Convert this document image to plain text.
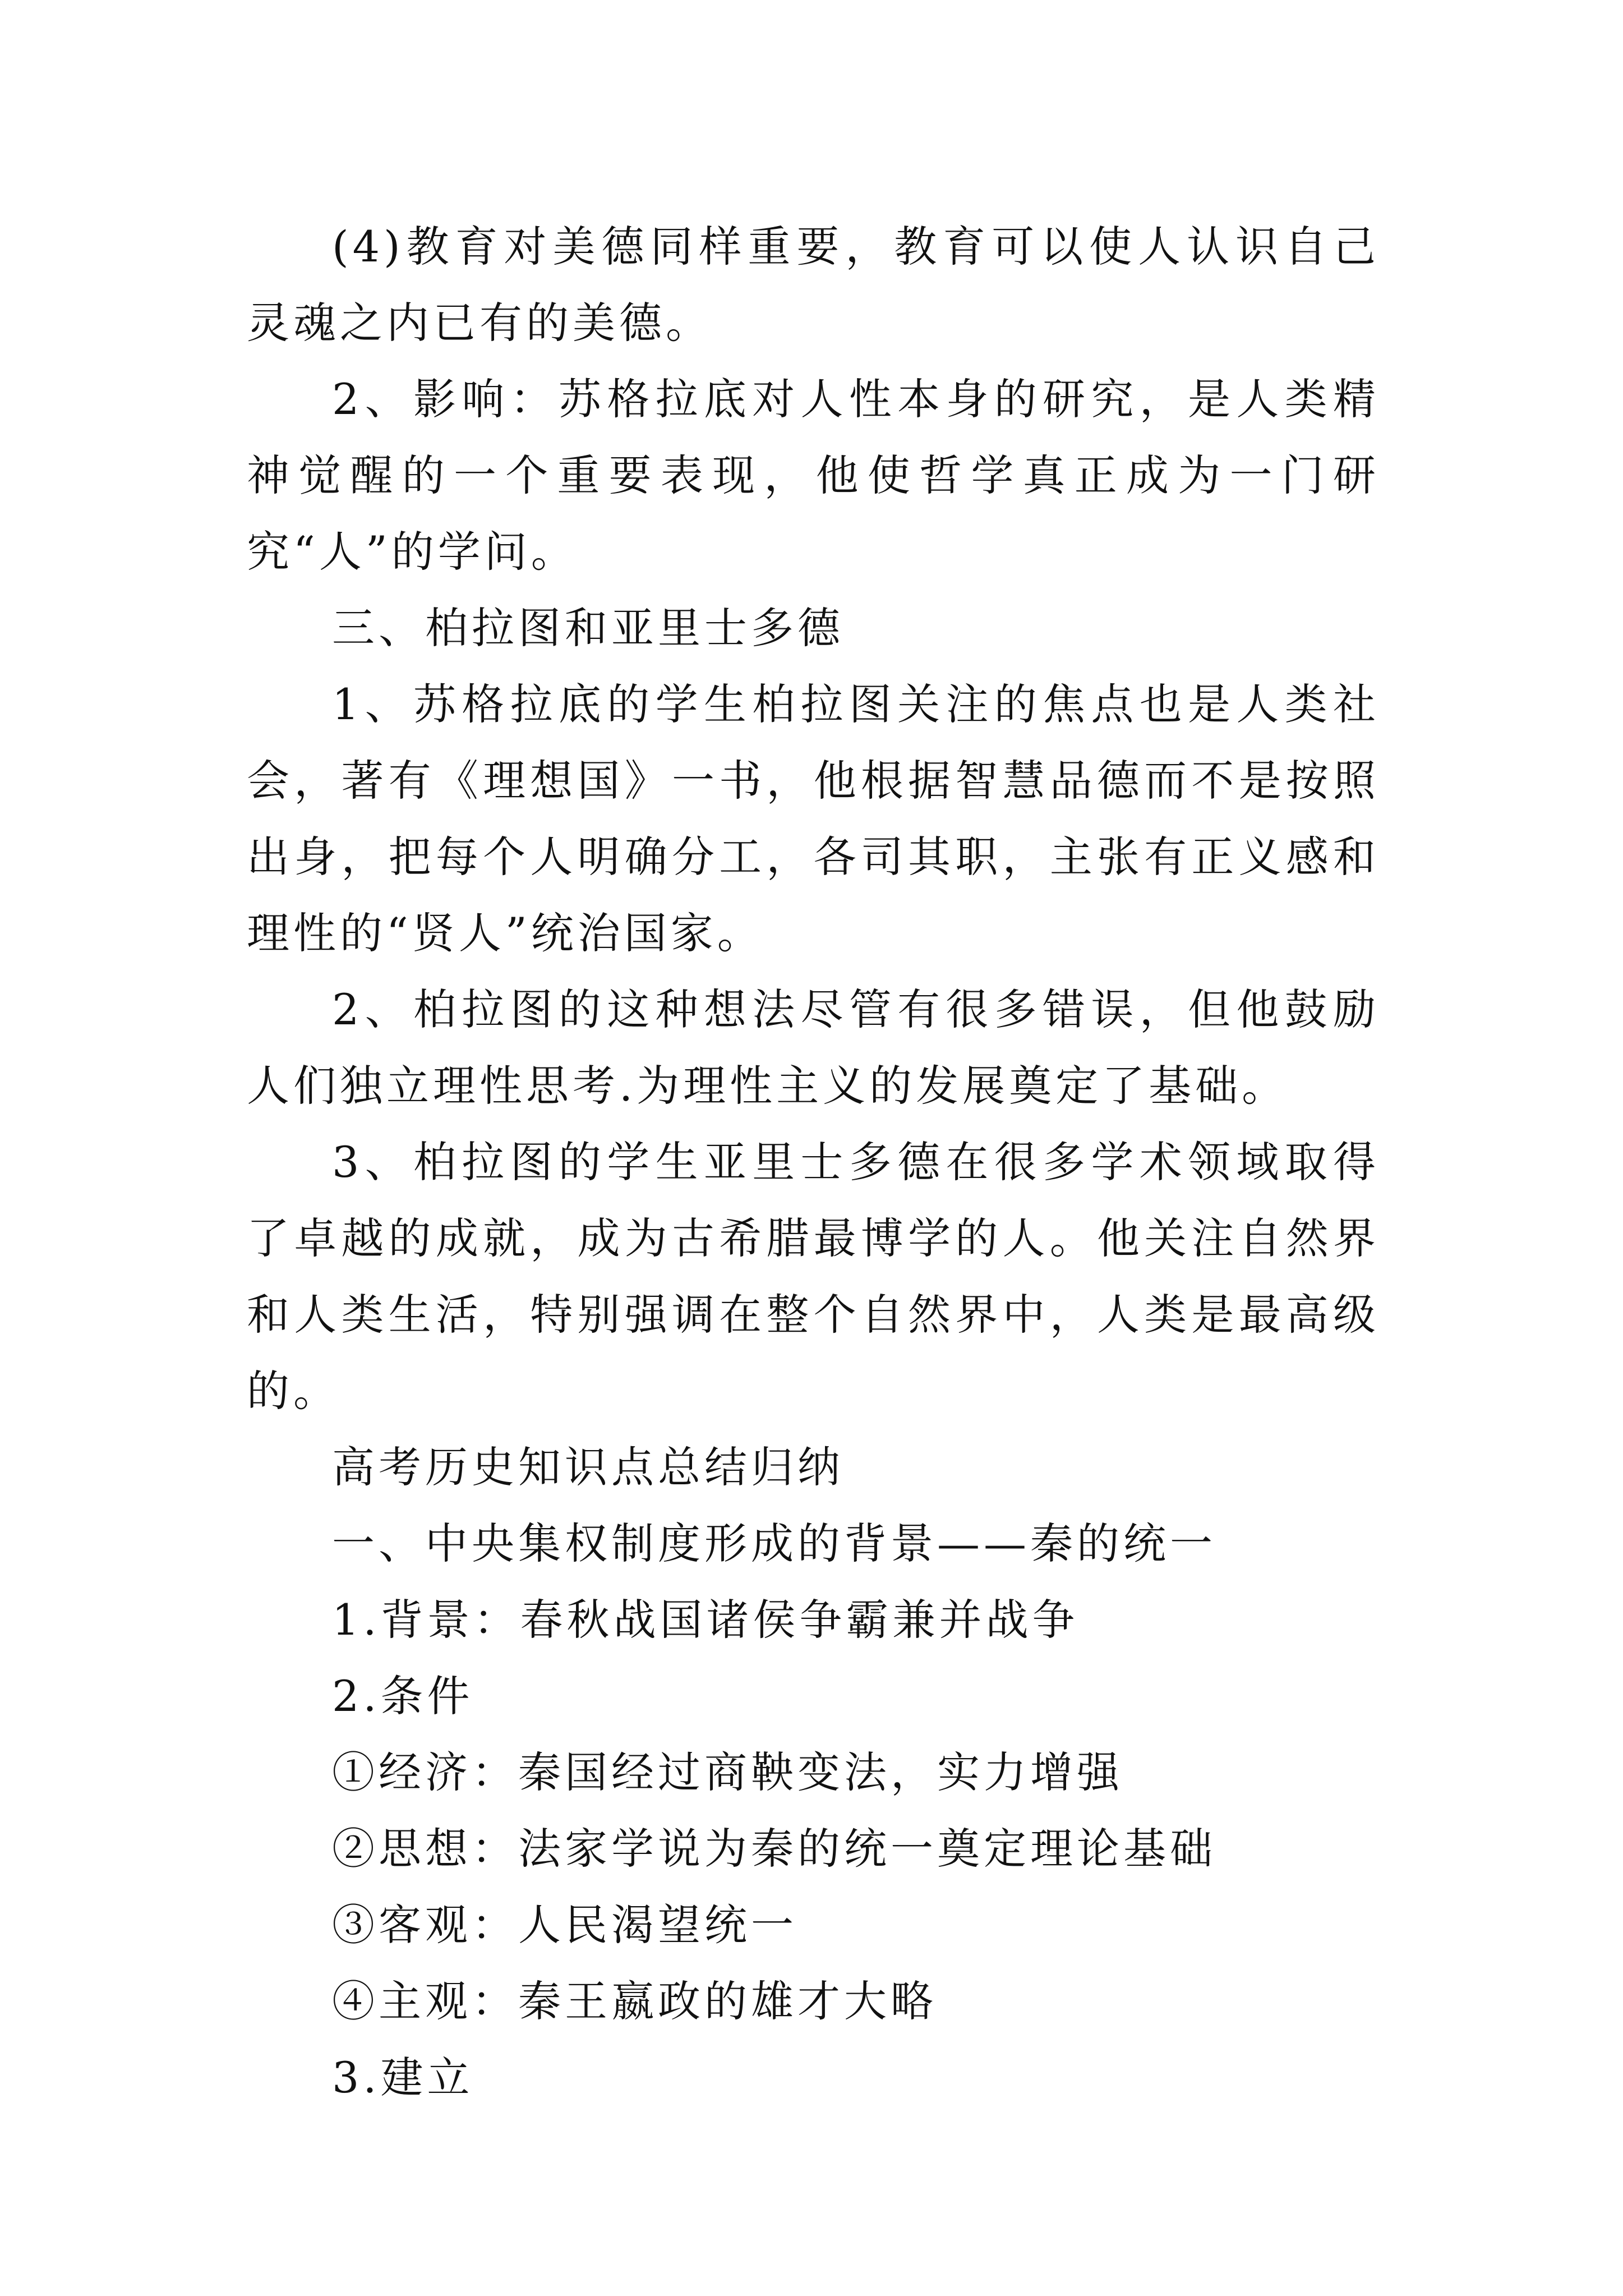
(4)教育对美德同样重要，教育可以使人认识自己灵魂之内已有的美德。

2、影响：苏格拉底对人性本身的研究，是人类精神觉醒的一个重要表现，他使哲学真正成为一门研究“人”的学问。

三、柏拉图和亚里士多德

1、苏格拉底的学生柏拉图关注的焦点也是人类社会，著有《理想国》一书，他根据智慧品德而不是按照出身，把每个人明确分工，各司其职，主张有正义感和理性的“贤人”统治国家。

2、柏拉图的这种想法尽管有很多错误，但他鼓励人们独立理性思考.为理性主义的发展奠定了基础。

3、柏拉图的学生亚里士多德在很多学术领域取得了卓越的成就，成为古希腊最博学的人。他关注自然界和人类生活，特别强调在整个自然界中，人类是最高级的。

高考历史知识点总结归纳

一、中央集权制度形成的背景——秦的统一

1.背景：春秋战国诸侯争霸兼并战争

2.条件

①经济：秦国经过商鞅变法，实力增强

②思想：法家学说为秦的统一奠定理论基础

③客观：人民渴望统一

④主观：秦王嬴政的雄才大略

3.建立
